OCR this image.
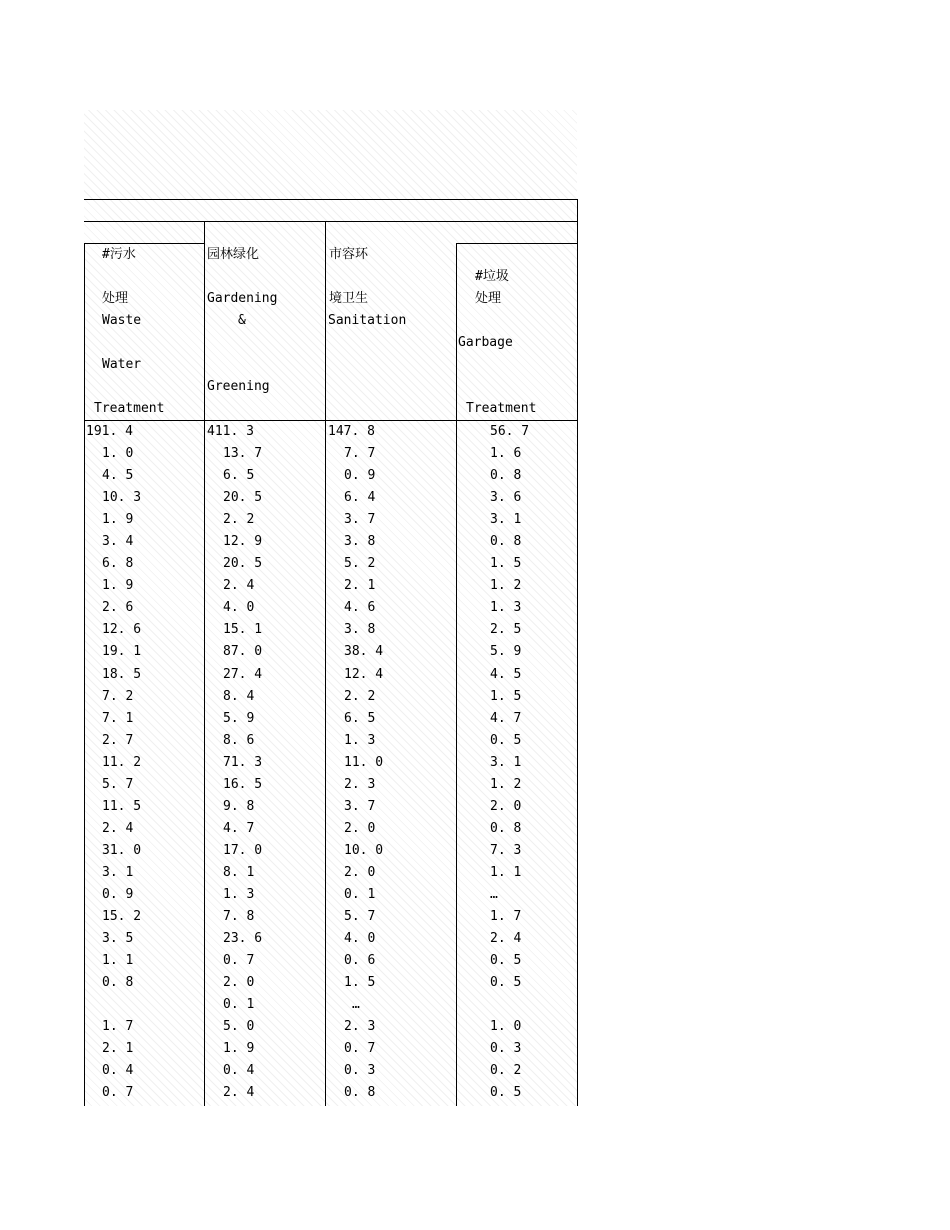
#污水
处理
Waste
Water
Treatment
园林绿化
Gardening
&
Greening
市容环
境卫生
Sanitation
#垃圾
处理
Garbage
Treatment
191. 4
1. 0
4. 5
10. 3
1. 9
3. 4
6. 8
1. 9
2. 6
12. 6
19. 1
18. 5
7. 2
7. 1
2. 7
11. 2
5. 7
11. 5
2. 4
31. 0
3. 1
0. 9
15. 2
3. 5
1. 1
0. 8

1. 7
2. 1
0. 4
0. 7
411. 3
13. 7
6. 5
20. 5
2. 2
12. 9
20. 5
2. 4
4. 0
15. 1
87. 0
27. 4
8. 4
5. 9
8. 6
71. 3
16. 5
9. 8
4. 7
17. 0
8. 1
1. 3
7. 8
23. 6
0. 7
2. 0
0. 1
5. 0
1. 9
0. 4
2. 4
147. 8
7. 7
0. 9
6. 4
3. 7
3. 8
5. 2
2. 1
4. 6
3. 8
38. 4
12. 4
2. 2
6. 5
1. 3
11. 0
2. 3
3. 7
2. 0
10. 0
2. 0
0. 1
5. 7
4. 0
0. 6
1. 5
…
2. 3
0. 7
0. 3
0. 8
56. 7
1. 6
0. 8
3. 6
3. 1
0. 8
1. 5
1. 2
1. 3
2. 5
5. 9
4. 5
1. 5
4. 7
0. 5
3. 1
1. 2
2. 0
0. 8
7. 3
1. 1
…
1. 7
2. 4
0. 5
0. 5

1. 0
0. 3
0. 2
0. 5
